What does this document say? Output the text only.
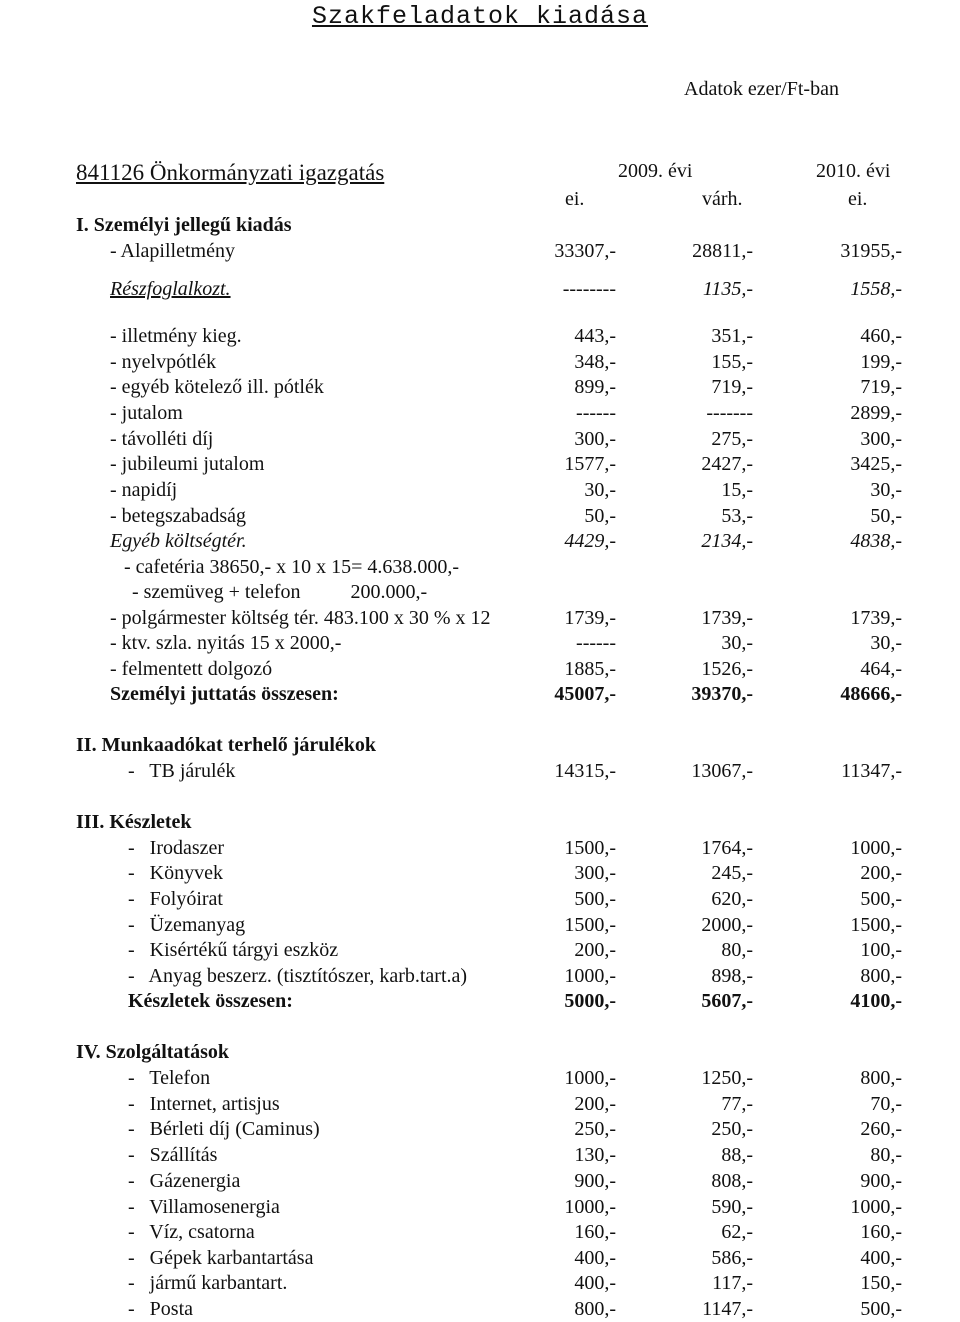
Szakfeladatok kiadása
Adatok ezer/Ft-ban
841126 Önkormányzati igazgatás	2009. évi	2010. évi
ei.	várh.	ei.
I. Személyi jellegű kiadás
II. Munkaadókat terhelő járulékok
III. Készletek
IV. Szolgáltatások
- Alapilletmény	33307,-	28811,-	31955,-
Részfoglalkozt.	--------	1135,-	1558,-
- illetmény kieg.	443,-	351,-	460,-
- nyelvpótlék	348,-	155,-	199,-
- egyéb kötelező ill. pótlék	899,-	719,-	719,-
- jutalom	------	-------	2899,-
- távolléti díj	300,-	275,-	300,-
- jubileumi jutalom	1577,-	2427,-	3425,-
- napidíj	30,-	15,-	30,-
- betegszabadság	50,-	53,-	50,-
Egyéb költségtér.	4429,-	2134,-	4838,-
- cafetéria 38650,- x 10 x 15= 4.638.000,-
- szemüveg + telefon          200.000,-
- polgármester költség tér. 483.100 x 30 % x 12	1739,-	1739,-	1739,-
- ktv. szla. nyitás 15 x 2000,-	------	30,-	30,-
- felmentett dolgozó	1885,-	1526,-	464,-
Személyi juttatás összesen:	45007,-	39370,-	48666,-
-   TB járulék	14315,-	13067,-	11347,-
-   Irodaszer	1500,-	1764,-	1000,-
-   Könyvek	300,-	245,-	200,-
-   Folyóirat	500,-	620,-	500,-
-   Üzemanyag	1500,-	2000,-	1500,-
-   Kisértékű tárgyi eszköz	200,-	80,-	100,-
-   Anyag beszerz. (tisztítószer, karb.tart.a)	1000,-	898,-	800,-
Készletek összesen:	5000,-	5607,-	4100,-
-   Telefon	1000,-	1250,-	800,-
-   Internet, artisjus	200,-	77,-	70,-
-   Bérleti díj (Caminus)	250,-	250,-	260,-
-   Szállítás	130,-	88,-	80,-
-   Gázenergia	900,-	808,-	900,-
-   Villamosenergia	1000,-	590,-	1000,-
-   Víz, csatorna	160,-	62,-	160,-
-   Gépek karbantartása	400,-	586,-	400,-
-   jármű karbantart.	400,-	117,-	150,-
-   Posta	800,-	1147,-	500,-
